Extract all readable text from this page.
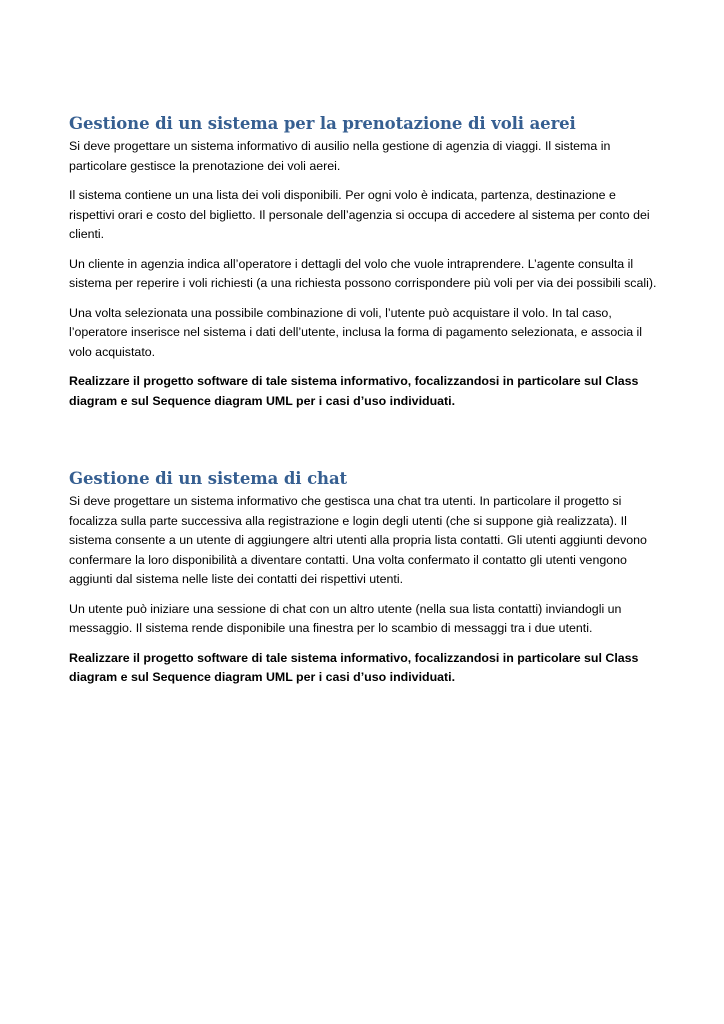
Gestione di un sistema per la prenotazione di voli aerei

Si deve progettare un sistema informativo di ausilio nella gestione di agenzia di viaggi. Il sistema in particolare gestisce la prenotazione dei voli aerei.

Il sistema contiene un una lista dei voli disponibili. Per ogni volo è indicata, partenza, destinazione e rispettivi orari e costo del biglietto. Il personale dell’agenzia si occupa di accedere al sistema per conto dei clienti.

Un cliente in agenzia indica all’operatore i dettagli del volo che vuole intraprendere. L’agente consulta il sistema per reperire i voli richiesti (a una richiesta possono corrispondere più voli per via dei possibili scali).

Una volta selezionata una possibile combinazione di voli, l’utente può acquistare il volo. In tal caso, l’operatore inserisce nel sistema i dati dell’utente, inclusa la forma di pagamento selezionata, e associa il volo acquistato.

Realizzare il progetto software di tale sistema informativo, focalizzandosi in particolare sul Class diagram e sul Sequence diagram UML per i casi d’uso individuati.

Gestione di un sistema di chat

Si deve progettare un sistema informativo che gestisca una chat tra utenti. In particolare il progetto si focalizza sulla parte successiva alla registrazione e login degli utenti (che si suppone già realizzata). Il sistema consente a un utente di aggiungere altri utenti alla propria lista contatti. Gli utenti aggiunti devono confermare la loro disponibilità a diventare contatti. Una volta confermato il contatto gli utenti vengono aggiunti dal sistema nelle liste dei contatti dei rispettivi utenti.

Un utente può iniziare una sessione di chat con un altro utente (nella sua lista contatti) inviandogli un messaggio. Il sistema rende disponibile una finestra per lo scambio di messaggi tra i due utenti.

Realizzare il progetto software di tale sistema informativo, focalizzandosi in particolare sul Class diagram e sul Sequence diagram UML per i casi d’uso individuati.
